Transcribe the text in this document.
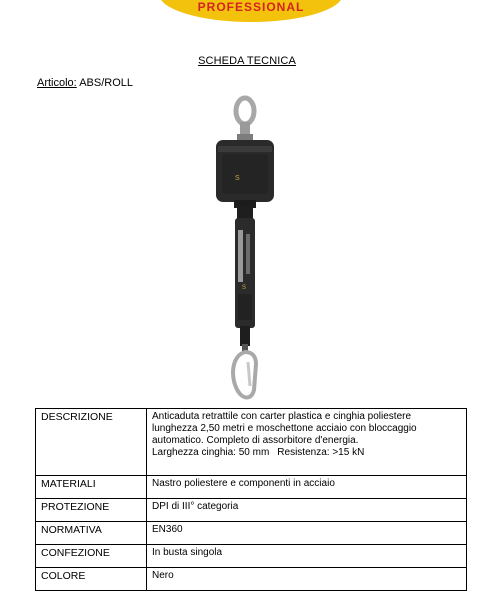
PROFESSIONAL
SCHEDA TECNICA
Articolo: ABS/ROLL
S
S
DESCRIZIONE	Anticaduta retrattile con carter plastica e cinghia poliestere
lunghezza 2,50 metri e moschettone acciaio con bloccaggio
automatico. Completo di assorbitore d'energia.
Larghezza cinghia: 50 mm Resistenza: >15 kN

MATERIALI	Nastro poliestere e componenti in acciaio
PROTEZIONE	DPI di III° categoria
NORMATIVA	EN360
CONFEZIONE	In busta singola
COLORE	Nero
